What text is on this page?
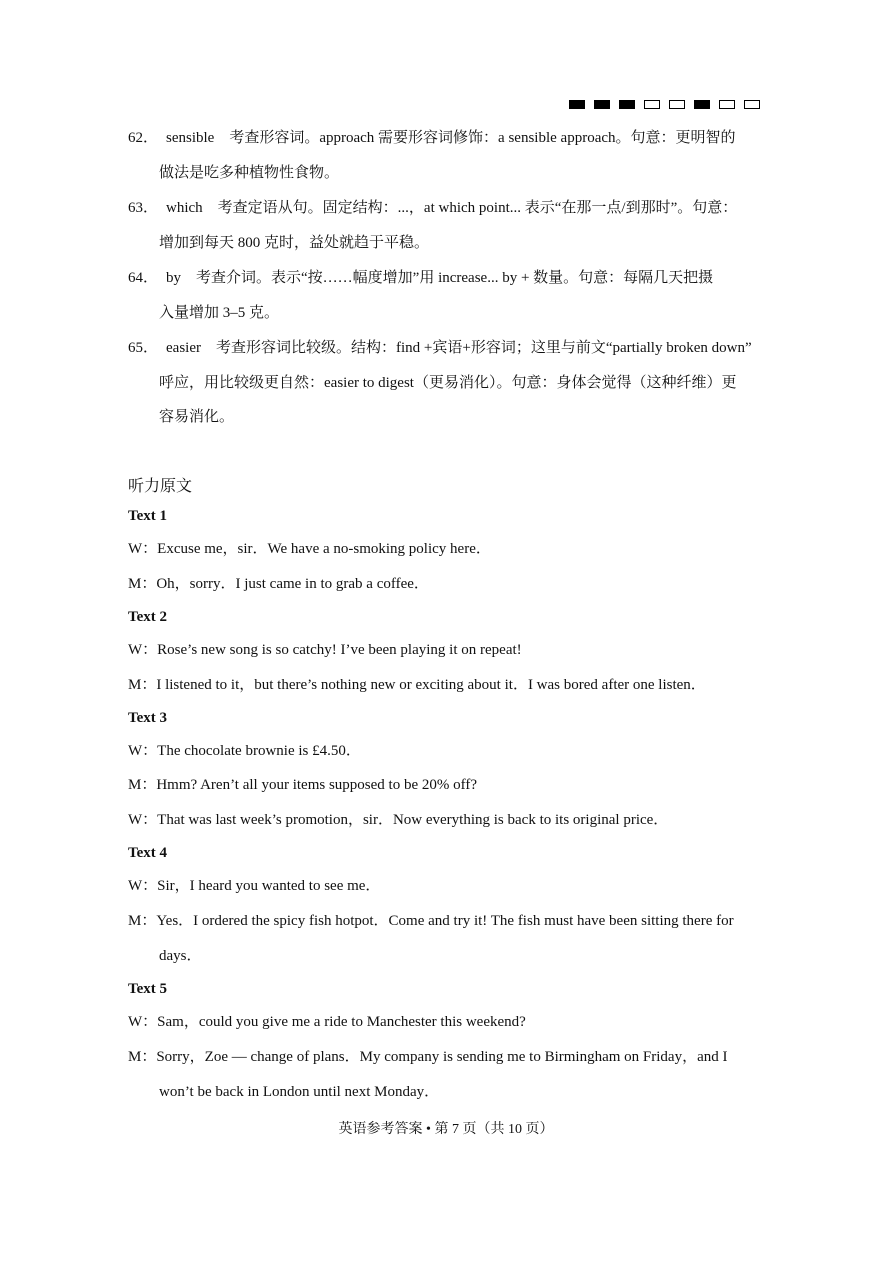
62． sensible　考查形容词。approach 需要形容词修饰：a sensible approach。句意：更明智的
做法是吃多种植物性食物。
63． which　考查定语从句。固定结构：...，at which point... 表示“在那一点/到那时”。句意：
增加到每天 800 克时，益处就趋于平稳。
64． by　考查介词。表示“按……幅度增加”用 increase... by + 数量。句意：每隔几天把摄
入量增加 3–5 克。
65． easier　考查形容词比较级。结构：find +宾语+形容词；这里与前文“partially broken down”
呼应，用比较级更自然：easier to digest（更易消化）。句意：身体会觉得（这种纤维）更
容易消化。
听力原文
Text 1
W：Excuse me，sir．We have a no-smoking policy here．
M：Oh，sorry．I just came in to grab a coffee．
Text 2
W：Rose’s new song is so catchy! I’ve been playing it on repeat!
M：I listened to it，but there’s nothing new or exciting about it．I was bored after one listen．
Text 3
W：The chocolate brownie is £4.50．
M：Hmm? Aren’t all your items supposed to be 20% off?
W：That was last week’s promotion，sir．Now everything is back to its original price．
Text 4
W：Sir，I heard you wanted to see me．
M：Yes．I ordered the spicy fish hotpot．Come and try it! The fish must have been sitting there for
days．
Text 5
W：Sam，could you give me a ride to Manchester this weekend?
M：Sorry，Zoe — change of plans．My company is sending me to Birmingham on Friday，and I
won’t be back in London until next Monday．
英语参考答案 • 第 7 页（共 10 页）
